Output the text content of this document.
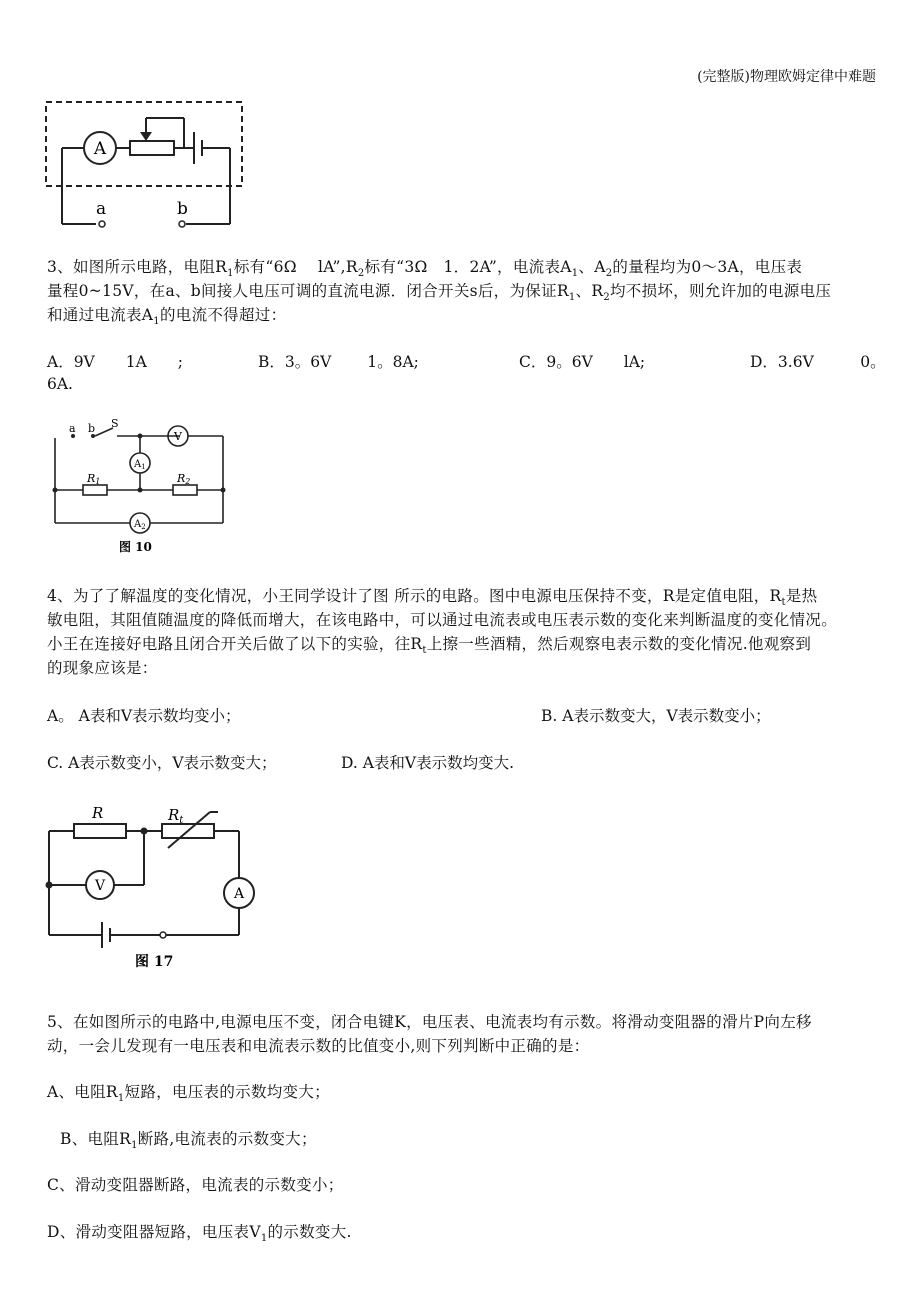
(完整版)物理欧姆定律中难题
A
a	b
3、如图所示电路，电阻$R_1$标有“6Ω　 $lA”,R_2$标有“3Ω　1．2A”，电流表$A_1$、$A_2$的量程均为0～3A，电压表
量程0~15V，在a、b间接人电压可调的直流电源．闭合开关s后，为保证$R_1$、$R_2$均不损坏，则允许加的电源电压
和通过电流表$A_1$的电流不得超过：
A．9V　　1A　　;	B．3。6V　　 1。8A;	C．9。6V　　lA;	D．3.6V　　　0。
6A.
a b S
V
$A_1$
$A_2$
R1	R2
图 10
4、为了了解温度的变化情况，小王同学设计了图 所示的电路。图中电源电压保持不变，R是定值电阻，$R_t$是热
敏电阻，其阻值随温度的降低而增大，在该电路中，可以通过电流表或电压表示数的变化来判断温度的变化情况。
小王在连接好电路且闭合开关后做了以下的实验，往$R_t$上擦一些酒精，然后观察电表示数的变化情况.他观察到
的现象应该是：
A。 A表和V表示数均变小；	B. A表示数变大，V表示数变小；
C. A表示数变小，V表示数变大；	D. A表和V表示数均变大.
R	$R_t$
V	A
图 17
5、在如图所示的电路中,电源电压不变，闭合电键K，电压表、电流表均有示数。将滑动变阻器的滑片P向左移
动，一会儿发现有一电压表和电流表示数的比值变小,则下列判断中正确的是：
A、电阻$R_1$短路，电压表的示数均变大；
B、电阻$R_1$断路,电流表的示数变大；
C、滑动变阻器断路，电流表的示数变小；
D、滑动变阻器短路，电压表$V_1$的示数变大.
